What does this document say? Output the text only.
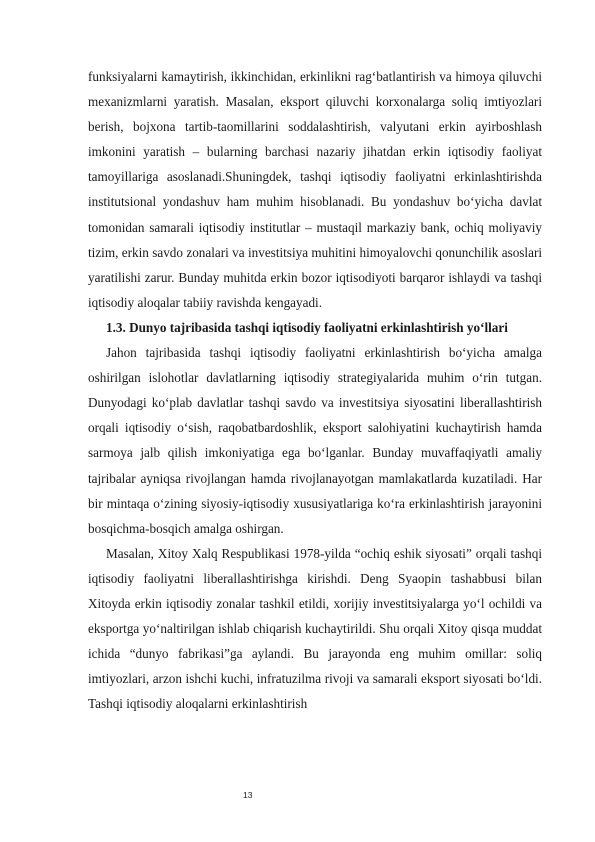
funksiyalarni kamaytirish, ikkinchidan, erkinlikni rag‘batlantirish va himoya qiluvchi mexanizmlarni yaratish. Masalan, eksport qiluvchi korxonalarga soliq imtiyozlari berish, bojxona tartib-taomillarini soddalashtirish, valyutani erkin ayirboshlash imkonini yaratish – bularning barchasi nazariy jihatdan erkin iqtisodiy faoliyat tamoyillariga asoslanadi.Shuningdek, tashqi iqtisodiy faoliyatni erkinlashtirishda institutsional yondashuv ham muhim hisoblanadi. Bu yondashuv bo‘yicha davlat tomonidan samarali iqtisodiy institutlar – mustaqil markaziy bank, ochiq moliyaviy tizim, erkin savdo zonalari va investitsiya muhitini himoyalovchi qonunchilik asoslari yaratilishi zarur. Bunday muhitda erkin bozor iqtisodiyoti barqaror ishlaydi va tashqi iqtisodiy aloqalar tabiiy ravishda kengayadi.

1.3. Dunyo tajribasida tashqi iqtisodiy faoliyatni erkinlashtirish yo‘llari

Jahon tajribasida tashqi iqtisodiy faoliyatni erkinlashtirish bo‘yicha amalga oshirilgan islohotlar davlatlarning iqtisodiy strategiyalarida muhim o‘rin tutgan. Dunyodagi ko‘plab davlatlar tashqi savdo va investitsiya siyosatini liberallashtirish orqali iqtisodiy o‘sish, raqobatbardoshlik, eksport salohiyatini kuchaytirish hamda sarmoya jalb qilish imkoniyatiga ega bo‘lganlar. Bunday muvaffaqiyatli amaliy tajribalar ayniqsa rivojlangan hamda rivojlanayotgan mamlakatlarda kuzatiladi. Har bir mintaqa o‘zining siyosiy-iqtisodiy xususiyatlariga ko‘ra erkinlashtirish jarayonini bosqichma-bosqich amalga oshirgan.

Masalan, Xitoy Xalq Respublikasi 1978-yilda “ochiq eshik siyosati” orqali tashqi iqtisodiy faoliyatni liberallashtirishga kirishdi. Deng Syaopin tashabbusi bilan Xitoyda erkin iqtisodiy zonalar tashkil etildi, xorijiy investitsiyalarga yo‘l ochildi va eksportga yo‘naltirilgan ishlab chiqarish kuchaytirildi. Shu orqali Xitoy qisqa muddat ichida “dunyo fabrikasi”ga aylandi. Bu jarayonda eng muhim omillar: soliq imtiyozlari, arzon ishchi kuchi, infratuzilma rivoji va samarali eksport siyosati bo‘ldi. Tashqi iqtisodiy aloqalarni erkinlashtirish

13
